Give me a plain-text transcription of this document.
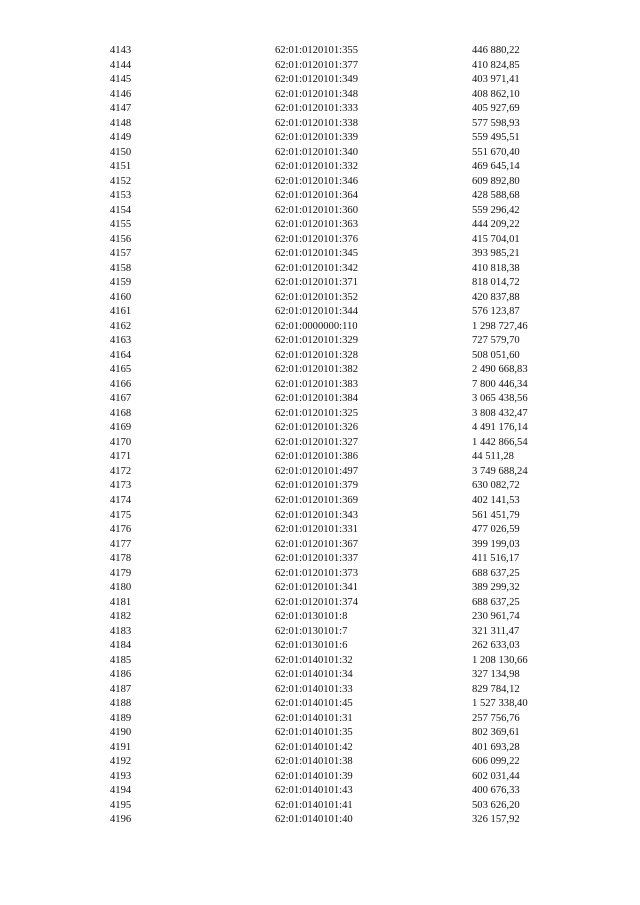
4143	62:01:0120101:355	446 880,22
4144	62:01:0120101:377	410 824,85
4145	62:01:0120101:349	403 971,41
4146	62:01:0120101:348	408 862,10
4147	62:01:0120101:333	405 927,69
4148	62:01:0120101:338	577 598,93
4149	62:01:0120101:339	559 495,51
4150	62:01:0120101:340	551 670,40
4151	62:01:0120101:332	469 645,14
4152	62:01:0120101:346	609 892,80
4153	62:01:0120101:364	428 588,68
4154	62:01:0120101:360	559 296,42
4155	62:01:0120101:363	444 209,22
4156	62:01:0120101:376	415 704,01
4157	62:01:0120101:345	393 985,21
4158	62:01:0120101:342	410 818,38
4159	62:01:0120101:371	818 014,72
4160	62:01:0120101:352	420 837,88
4161	62:01:0120101:344	576 123,87
4162	62:01:0000000:110	1 298 727,46
4163	62:01:0120101:329	727 579,70
4164	62:01:0120101:328	508 051,60
4165	62:01:0120101:382	2 490 668,83
4166	62:01:0120101:383	7 800 446,34
4167	62:01:0120101:384	3 065 438,56
4168	62:01:0120101:325	3 808 432,47
4169	62:01:0120101:326	4 491 176,14
4170	62:01:0120101:327	1 442 866,54
4171	62:01:0120101:386	44 511,28
4172	62:01:0120101:497	3 749 688,24
4173	62:01:0120101:379	630 082,72
4174	62:01:0120101:369	402 141,53
4175	62:01:0120101:343	561 451,79
4176	62:01:0120101:331	477 026,59
4177	62:01:0120101:367	399 199,03
4178	62:01:0120101:337	411 516,17
4179	62:01:0120101:373	688 637,25
4180	62:01:0120101:341	389 299,32
4181	62:01:0120101:374	688 637,25
4182	62:01:0130101:8	230 961,74
4183	62:01:0130101:7	321 311,47
4184	62:01:0130101:6	262 633,03
4185	62:01:0140101:32	1 208 130,66
4186	62:01:0140101:34	327 134,98
4187	62:01:0140101:33	829 784,12
4188	62:01:0140101:45	1 527 338,40
4189	62:01:0140101:31	257 756,76
4190	62:01:0140101:35	802 369,61
4191	62:01:0140101:42	401 693,28
4192	62:01:0140101:38	606 099,22
4193	62:01:0140101:39	602 031,44
4194	62:01:0140101:43	400 676,33
4195	62:01:0140101:41	503 626,20
4196	62:01:0140101:40	326 157,92
